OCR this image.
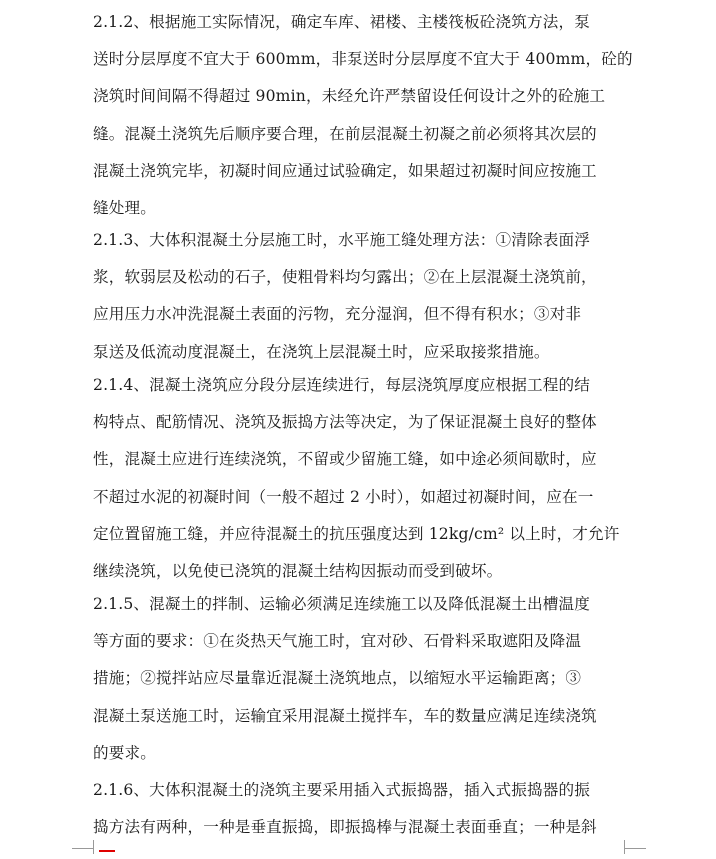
2.1.2、根据施工实际情况，确定车库、裙楼、主楼筏板砼浇筑方法，泵
送时分层厚度不宜大于 600mm，非泵送时分层厚度不宜大于 400mm，砼的
浇筑时间间隔不得超过 90min，未经允许严禁留设任何设计之外的砼施工
缝。混凝土浇筑先后顺序要合理，在前层混凝土初凝之前必须将其次层的
混凝土浇筑完毕，初凝时间应通过试验确定，如果超过初凝时间应按施工
缝处理。
2.1.3、大体积混凝土分层施工时，水平施工缝处理方法：①清除表面浮
浆，软弱层及松动的石子，使粗骨料均匀露出；②在上层混凝土浇筑前，
应用压力水冲洗混凝土表面的污物，充分湿润，但不得有积水；③对非
泵送及低流动度混凝土，在浇筑上层混凝土时，应采取接浆措施。
2.1.4、混凝土浇筑应分段分层连续进行，每层浇筑厚度应根据工程的结
构特点、配筋情况、浇筑及振捣方法等决定，为了保证混凝土良好的整体
性，混凝土应进行连续浇筑，不留或少留施工缝，如中途必须间歇时，应
不超过水泥的初凝时间（一般不超过 2 小时），如超过初凝时间，应在一
定位置留施工缝，并应待混凝土的抗压强度达到 12kg/cm² 以上时，才允许
继续浇筑，以免使已浇筑的混凝土结构因振动而受到破坏。
2.1.5、混凝土的拌制、运输必须满足连续施工以及降低混凝土出槽温度
等方面的要求：①在炎热天气施工时，宜对砂、石骨料采取遮阳及降温
措施；②搅拌站应尽量靠近混凝土浇筑地点，以缩短水平运输距离；③
混凝土泵送施工时，运输宜采用混凝土搅拌车，车的数量应满足连续浇筑
的要求。
2.1.6、大体积混凝土的浇筑主要采用插入式振捣器，插入式振捣器的振
捣方法有两种，一种是垂直振捣，即振捣棒与混凝土表面垂直；一种是斜
